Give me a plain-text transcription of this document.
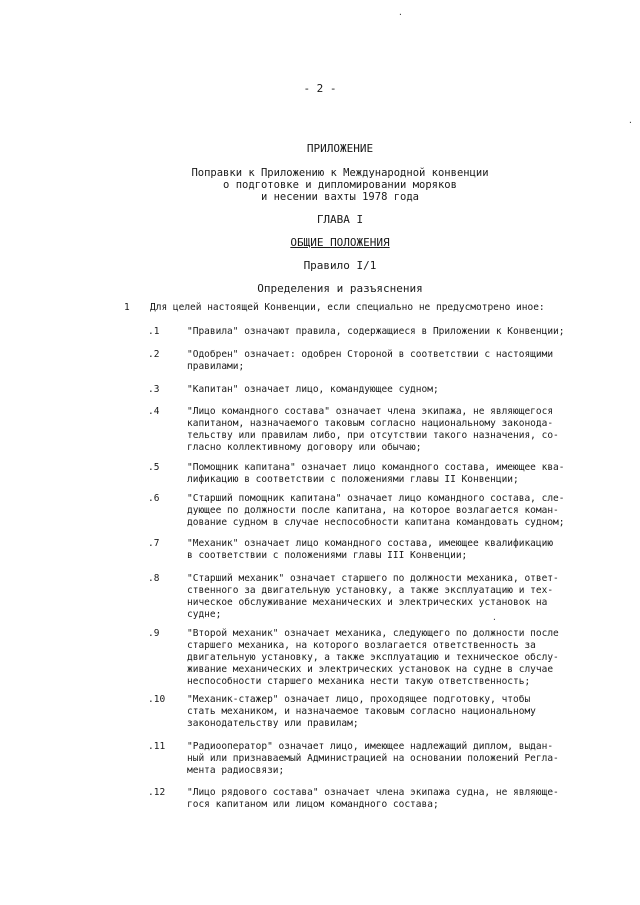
·
·
·
- 2 -
ПРИЛОЖЕНИЕ
Поправки к Приложению к Международной конвенции
о подготовке и дипломировании моряков
и несении вахты 1978 года
ГЛАВА I
ОБЩИЕ ПОЛОЖЕНИЯ
Правило I/1
Определения и разъяснения
1 Для целей настоящей Конвенции, если специально не предусмотрено иное:
.1	"Правила" означают правила, содержащиеся в Приложении к Конвенции;
.2	"Одобрен" означает: одобрен Стороной в соответствии с настоящими
правилами;
.3	"Капитан" означает лицо, командующее судном;
.4	"Лицо командного состава" означает члена экипажа, не являющегося
капитаном, назначаемого таковым согласно национальному законода-
тельству или правилам либо, при отсутствии такого назначения, со-
гласно коллективному договору или обычаю;
.5	"Помощник капитана" означает лицо командного состава, имеющее ква-
лификацию в соответствии с положениями главы II Конвенции;
.6	"Старший помощник капитана" означает лицо командного состава, сле-
дующее по должности после капитана, на которое возлагается коман-
дование судном в случае неспособности капитана командовать судном;
.7	"Механик" означает лицо командного состава, имеющее квалификацию
в соответствии с положениями главы III Конвенции;
.8	"Старший механик" означает старшего по должности механика, ответ-
ственного за двигательную установку, а также эксплуатацию и тех-
ническое обслуживание механических и электрических установок на
судне;
.9	"Второй механик" означает механика, следующего по должности после
старшего механика, на которого возлагается ответственность за
двигательную установку, а также эксплуатацию и техническое обслу-
живание механических и электрических установок на судне в случае
неспособности старшего механика нести такую ответственность;
.10 "Механик-стажер" означает лицо, проходящее подготовку, чтобы
стать механиком, и назначаемое таковым согласно национальному
законодательству или правилам;
.11 "Радиооператор" означает лицо, имеющее надлежащий диплом, выдан-
ный или признаваемый Администрацией на основании положений Регла-
мента радиосвязи;
.12 "Лицо рядового состава" означает члена экипажа судна, не являюще-
гося капитаном или лицом командного состава;
